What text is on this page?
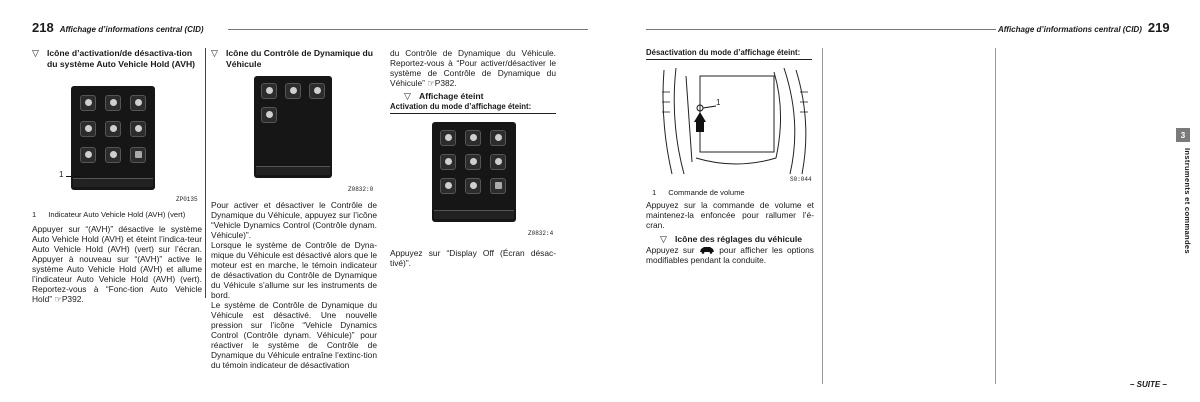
218 Affichage d’informations central (CID)
▽ Icône d’activation/de désactiva-tion du système Auto Vehicle Hold (AVH)
1
ZP0135
1 Indicateur Auto Vehicle Hold (AVH) (vert)

Appuyer sur “(AVH)” désactive le système Auto Vehicle Hold (AVH) et éteint l’indica-teur Auto Vehicle Hold (AVH) (vert) sur l’écran. Appuyer à nouveau sur “(AVH)” active le système Auto Vehicle Hold (AVH) et allume l’indicateur Auto Vehicle Hold (AVH) (vert). Reportez-vous à “Fonc-tion Auto Vehicle Hold” ☞P392.

▽ Icône du Contrôle de Dynamique du Véhicule
Z0832:0

Pour activer et désactiver le Contrôle de Dynamique du Véhicule, appuyez sur l’icône “Vehicle Dynamics Control (Contrôle dynam. Véhicule)”.

Lorsque le système de Contrôle de Dyna-mique du Véhicule est désactivé alors que le moteur est en marche, le témoin indicateur de désactivation du Contrôle de Dynamique du Véhicule s’allume sur les instruments de bord.

Le système de Contrôle de Dynamique du Véhicule est désactivé. Une nouvelle pression sur l’icône “Vehicle Dynamics Control (Contrôle dynam. Véhicule)” pour réactiver le système de Contrôle de Dynamique du Véhicule entraîne l’extinc-tion du témoin indicateur de désactivation

du Contrôle de Dynamique du Véhicule. Reportez-vous à “Pour activer/désactiver le système de Contrôle de Dynamique du Véhicule” ☞P382.

▽ Affichage éteint
Activation du mode d’affichage éteint:
Z0832:4

Appuyez sur “Display Off (Écran désac-tivé)”.

Affichage d’informations central (CID) 219
Désactivation du mode d’affichage éteint:
1
S0:044
1 Commande de volume

Appuyez sur la commande de volume et maintenez-la enfoncée pour rallumer l’é-cran.

▽ Icône des réglages du véhicule

Appuyez sur	pour afficher les options modifiables pendant la conduite.

3
Instruments et commandes
– SUITE –
